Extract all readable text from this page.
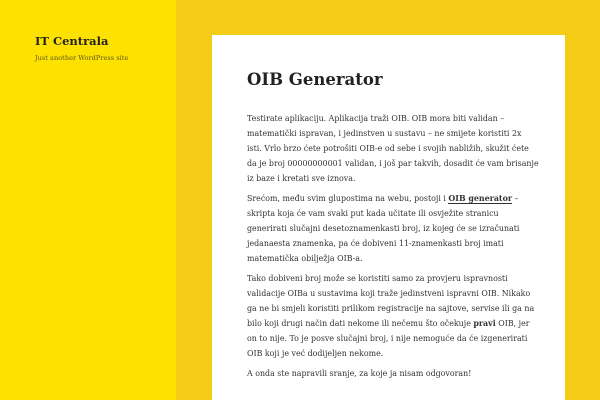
IT Centrala
Just another WordPress site
OIB Generator
Testirate aplikaciju. Aplikacija traži OIB. OIB mora biti validan –
matematički ispravan, i jedinstven u sustavu – ne smijete koristiti 2x
isti. Vrlo brzo ćete potrošiti OIB-e od sebe i svojih nabližih, skužit ćete
da je broj 00000000001 validan, i još par takvih, dosadit će vam brisanje
iz baze i kretati sve iznova.
Srećom, među svim glupostima na webu, postoji i OIB generator –
skripta koja će vam svaki put kada učitate ili osvježite stranicu
generirati slučajni desetoznamenkasti broj, iz kojeg će se izračunati
jedanaesta znamenka, pa će dobiveni 11-znamenkasti broj imati
matematička obilježja OIB-a.
Tako dobiveni broj može se koristiti samo za provjeru ispravnosti
validacije OIBa u sustavima koji traže jedinstveni ispravni OIB. Nikako
ga ne bi smjeli koristiti prilikom registracije na sajtove, servise ili ga na
bilo koji drugi način dati nekome ili nečemu što očekuje pravi OIB, jer
on to nije. To je posve slučajni broj, i nije nemoguće da će izgenerirati
OIB koji je već dodijeljen nekome.
A onda ste napravili sranje, za koje ja nisam odgovoran!
